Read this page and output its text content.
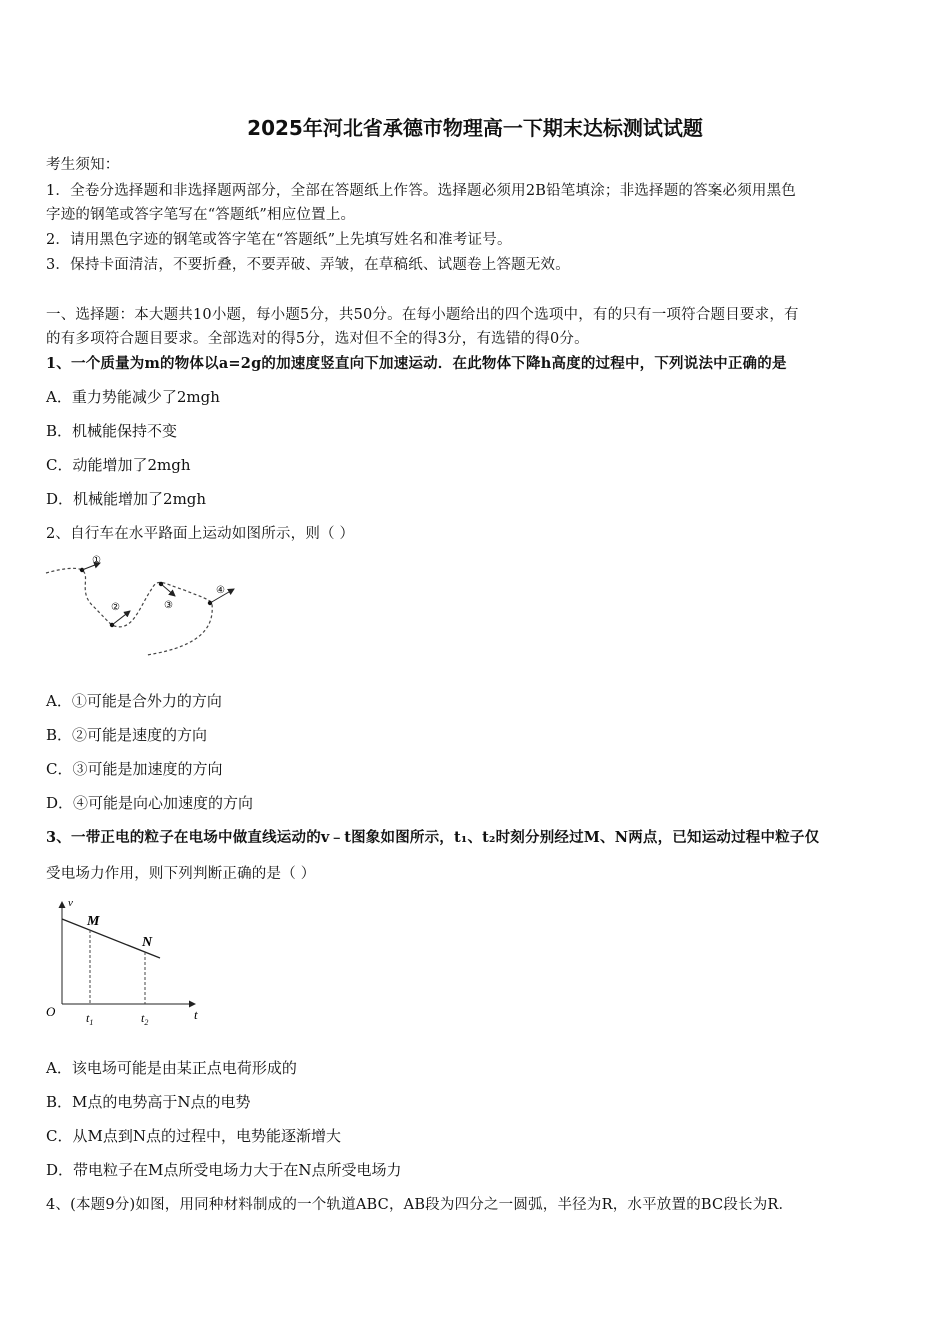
2025年河北省承德市物理高一下期末达标测试试题
考生须知：
1．全卷分选择题和非选择题两部分，全部在答题纸上作答。选择题必须用2B铅笔填涂；非选择题的答案必须用黑色
字迹的钢笔或答字笔写在“答题纸”相应位置上。
2．请用黑色字迹的钢笔或答字笔在“答题纸”上先填写姓名和准考证号。
3．保持卡面清洁，不要折叠，不要弄破、弄皱，在草稿纸、试题卷上答题无效。
一、选择题：本大题共10小题，每小题5分，共50分。在每小题给出的四个选项中，有的只有一项符合题目要求，有
的有多项符合题目要求。全部选对的得5分，选对但不全的得3分，有选错的得0分。
1、一个质量为m的物体以a=2g的加速度竖直向下加速运动．在此物体下降h高度的过程中，下列说法中正确的是
A．重力势能减少了2mgh
B．机械能保持不变
C．动能增加了2mgh
D．机械能增加了2mgh
2、自行车在水平路面上运动如图所示，则（ ）
①
②	③
④
A．①可能是合外力的方向
B．②可能是速度的方向
C．③可能是加速度的方向
D．④可能是向心加速度的方向
3、一带正电的粒子在电场中做直线运动的v﹣t图象如图所示，t₁、t₂时刻分别经过M、N两点，已知运动过程中粒子仅
受电场力作用，则下列判断正确的是（ ）
v
t
O
M
N
$t_1$	$t_2$
A．该电场可能是由某正点电荷形成的
B．M点的电势高于N点的电势
C．从M点到N点的过程中，电势能逐渐增大
D．带电粒子在M点所受电场力大于在N点所受电场力
4、(本题9分)如图，用同种材料制成的一个轨道ABC，AB段为四分之一圆弧，半径为R，水平放置的BC段长为R．
